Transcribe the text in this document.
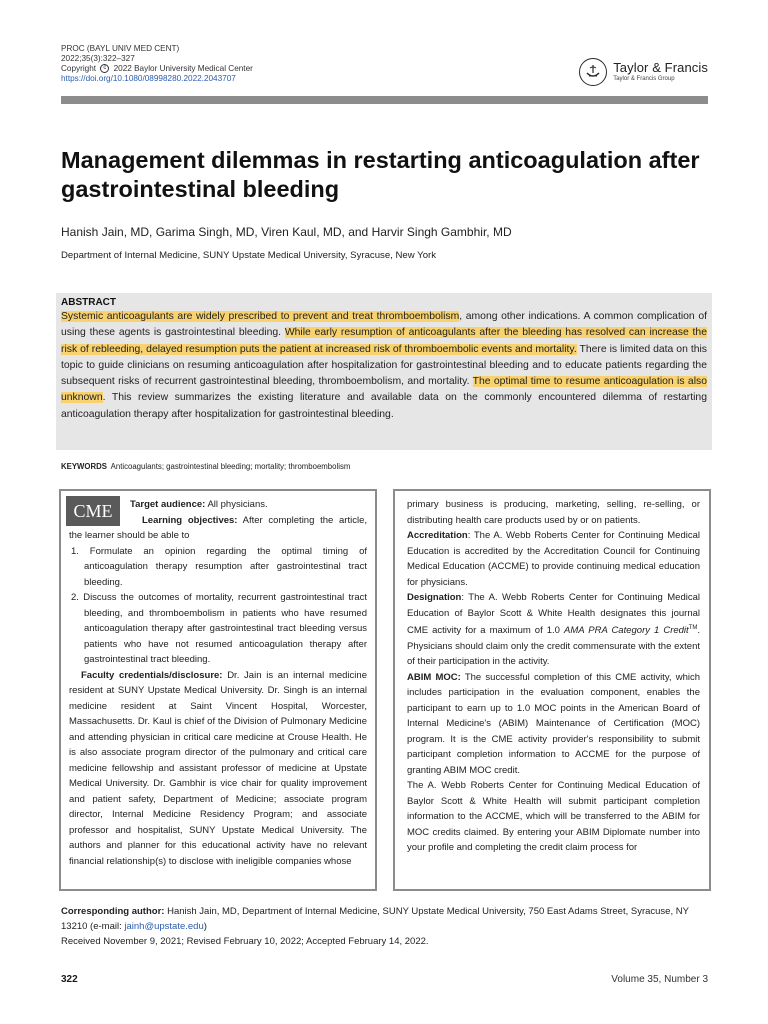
PROC (BAYL UNIV MED CENT)
2022;35(3):322–327
Copyright c 2022 Baylor University Medical Center
https://doi.org/10.1080/08998280.2022.2043707
Taylor & Francis
Taylor & Francis Group
Management dilemmas in restarting anticoagulation after gastrointestinal bleeding
Hanish Jain, MD, Garima Singh, MD, Viren Kaul, MD, and Harvir Singh Gambhir, MD
Department of Internal Medicine, SUNY Upstate Medical University, Syracuse, New York
ABSTRACT

Systemic anticoagulants are widely prescribed to prevent and treat thromboembolism, among other indications. A common complication of using these agents is gastrointestinal bleeding. While early resumption of anticoagulants after the bleeding has resolved can increase the risk of rebleeding, delayed resumption puts the patient at increased risk of thromboembolic events and mortality. There is limited data on this topic to guide clinicians on resuming anticoagulation after hospitalization for gastrointestinal bleeding and to educate patients regarding the subsequent risks of recurrent gastrointestinal bleeding, thromboembolism, and mortality. The optimal time to resume anticoagulation is also unknown. This review summarizes the existing literature and available data on the commonly encountered dilemma of restarting anticoagulation therapy after hospitalization for gastrointestinal bleeding.

KEYWORDS Anticoagulants; gastrointestinal bleeding; mortality; thromboembolism
CME	Target audience: All physicians.
Learning objectives: After completing the article, the learner should be able to
1. Formulate an opinion regarding the optimal timing of anticoagulation therapy resumption after gastrointestinal tract bleeding.
2. Discuss the outcomes of mortality, recurrent gastrointestinal tract bleeding, and thromboembolism in patients who have resumed anticoagulation therapy after gastrointestinal tract bleeding versus patients who have not resumed anticoagulation therapy after gastrointestinal tract bleeding.
Faculty credentials/disclosure: Dr. Jain is an internal medicine resident at SUNY Upstate Medical University. Dr. Singh is an internal medicine resident at Saint Vincent Hospital, Worcester, Massachusetts. Dr. Kaul is chief of the Division of Pulmonary Medicine and attending physician in critical care medicine at Crouse Health. He is also associate program director of the pulmonary and critical care medicine fellowship and assistant professor of medicine at Upstate Medical University. Dr. Gambhir is vice chair for quality improvement and patient safety, Department of Medicine; associate program director, Internal Medicine Residency Program; and associate professor and hospitalist, SUNY Upstate Medical University. The authors and planner for this educational activity have no relevant financial relationship(s) to disclose with ineligible companies whose
primary business is producing, marketing, selling, re-selling, or distributing health care products used by or on patients.
Accreditation: The A. Webb Roberts Center for Continuing Medical Education is accredited by the Accreditation Council for Continuing Medical Education (ACCME) to provide continuing medical education for physicians.
Designation: The A. Webb Roberts Center for Continuing Medical Education of Baylor Scott & White Health designates this journal CME activity for a maximum of 1.0 AMA PRA Category 1 Credit™. Physicians should claim only the credit commensurate with the extent of their participation in the activity.
ABIM MOC: The successful completion of this CME activity, which includes participation in the evaluation component, enables the participant to earn up to 1.0 MOC points in the American Board of Internal Medicine's (ABIM) Maintenance of Certification (MOC) program. It is the CME activity provider's responsibility to submit participant completion information to ACCME for the purpose of granting ABIM MOC credit.
The A. Webb Roberts Center for Continuing Medical Education of Baylor Scott & White Health will submit participant completion information to the ACCME, which will be transferred to the ABIM for MOC credits claimed. By entering your ABIM Diplomate number into your profile and completing the credit claim process for
Corresponding author: Hanish Jain, MD, Department of Internal Medicine, SUNY Upstate Medical University, 750 East Adams Street, Syracuse, NY 13210 (e-mail: jainh@upstate.edu)
Received November 9, 2021; Revised February 10, 2022; Accepted February 14, 2022.
322	Volume 35, Number 3
